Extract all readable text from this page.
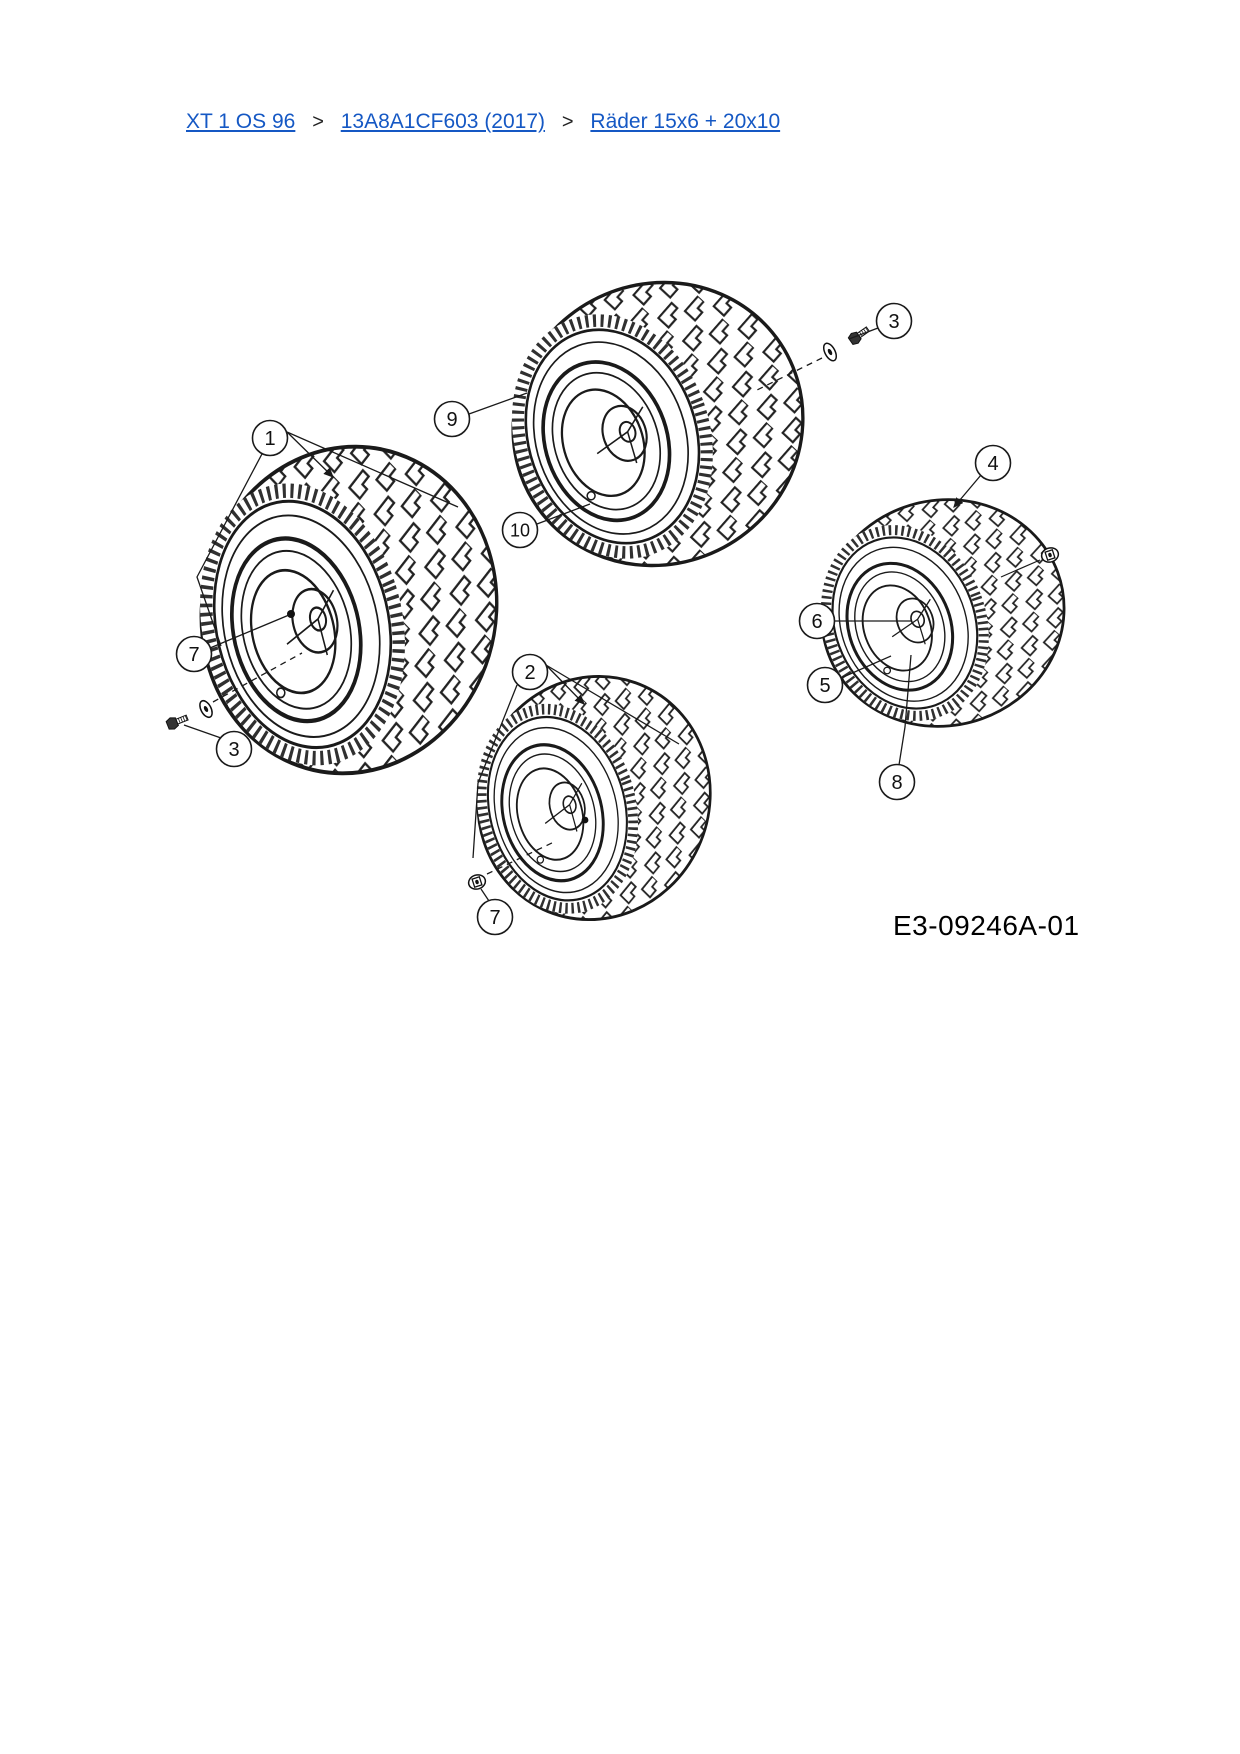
XT 1 OS 96 > 13A8A1CF603 (2017) > Räder 15x6 + 20x10
1
2
3
3
4
5
6
7
7
8
9
10
E3-09246A-01
